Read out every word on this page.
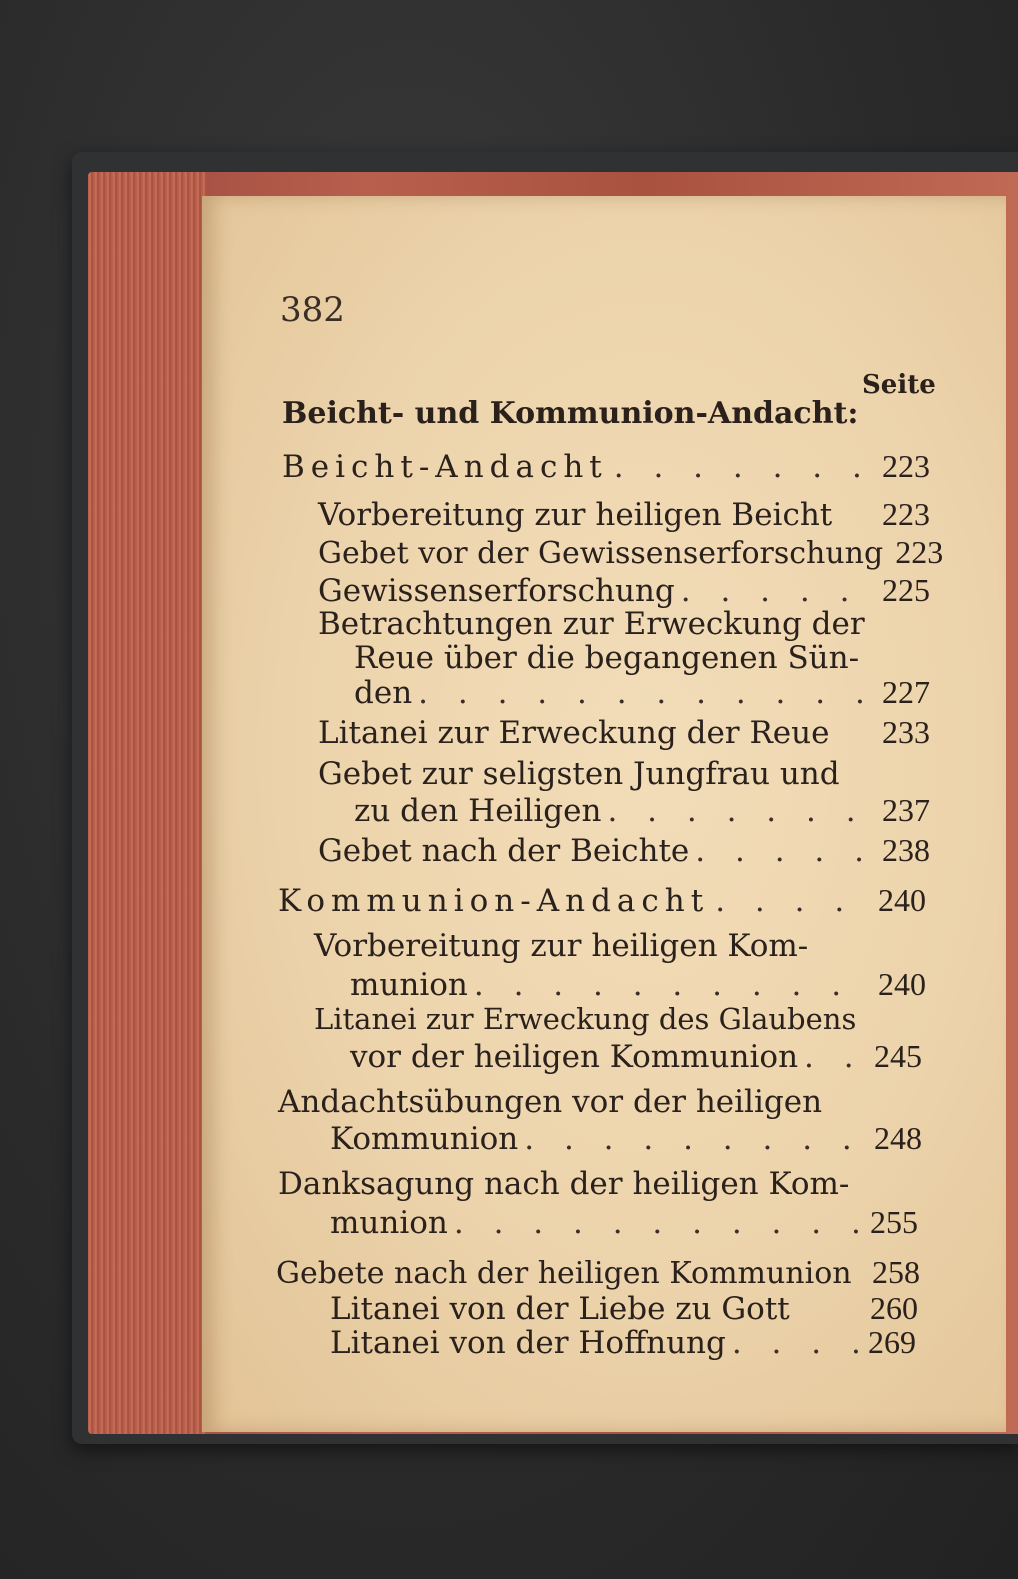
382
Seite
Beicht- und Kommunion-Andacht:
Beicht-Andacht . . .	223
Vorbereitung zur heiligen Beicht 223
Gebet vor der Gewissenserforschung 223
Gewissenserforschung . . .	225
Betrachtungen zur Erweckung der
Reue über die begangenen Sün-
den . . .	227
Litanei zur Erweckung der Reue 233
Gebet zur seligsten Jungfrau und
zu den Heiligen . . .	237
Gebet nach der Beichte . . .	238
Kommunion-Andacht . . .	240
Vorbereitung zur heiligen Kom-
munion . . .	240
Litanei zur Erweckung des Glaubens
vor der heiligen Kommunion . . . 245
Andachtsübungen vor der heiligen
Kommunion . . .	248
Danksagung nach der heiligen Kom-
munion . . .	255
Gebete nach der heiligen Kommunion 258
Litanei von der Liebe zu Gott	260
Litanei von der Hoffnung . . .	269
